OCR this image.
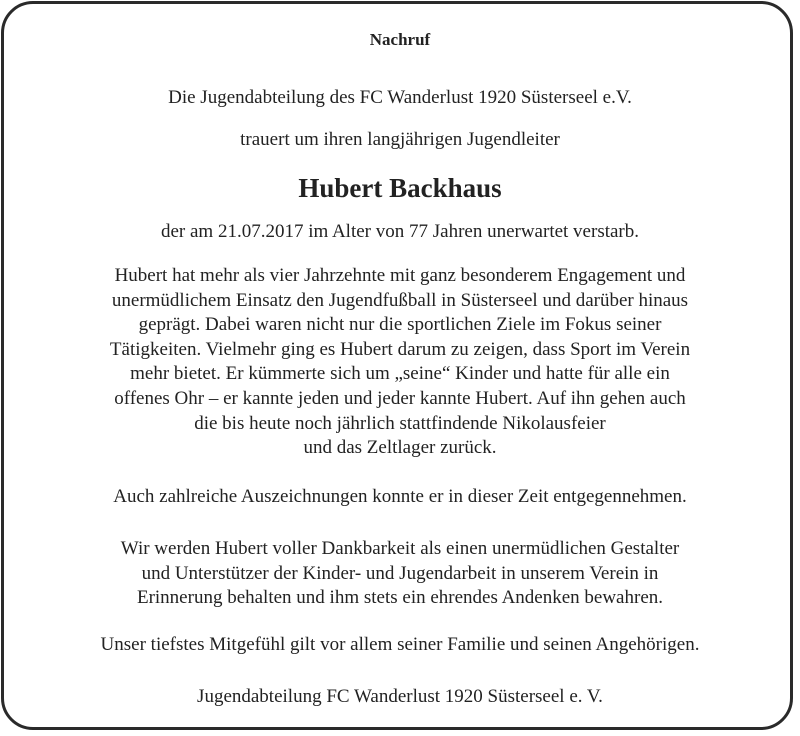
Nachruf
Die Jugendabteilung des FC Wanderlust 1920 Süsterseel e.V.
trauert um ihren langjährigen Jugendleiter
Hubert Backhaus
der am 21.07.2017 im Alter von 77 Jahren unerwartet verstarb.
Hubert hat mehr als vier Jahrzehnte mit ganz besonderem Engagement und
unermüdlichem Einsatz den Jugendfußball in Süsterseel und darüber hinaus
geprägt. Dabei waren nicht nur die sportlichen Ziele im Fokus seiner
Tätigkeiten. Vielmehr ging es Hubert darum zu zeigen, dass Sport im Verein
mehr bietet. Er kümmerte sich um „seine“ Kinder und hatte für alle ein
offenes Ohr – er kannte jeden und jeder kannte Hubert. Auf ihn gehen auch
die bis heute noch jährlich stattfindende Nikolausfeier
und das Zeltlager zurück.
Auch zahlreiche Auszeichnungen konnte er in dieser Zeit entgegennehmen.
Wir werden Hubert voller Dankbarkeit als einen unermüdlichen Gestalter
und Unterstützer der Kinder- und Jugendarbeit in unserem Verein in
Erinnerung behalten und ihm stets ein ehrendes Andenken bewahren.
Unser tiefstes Mitgefühl gilt vor allem seiner Familie und seinen Angehörigen.
Jugendabteilung FC Wanderlust 1920 Süsterseel e. V.
